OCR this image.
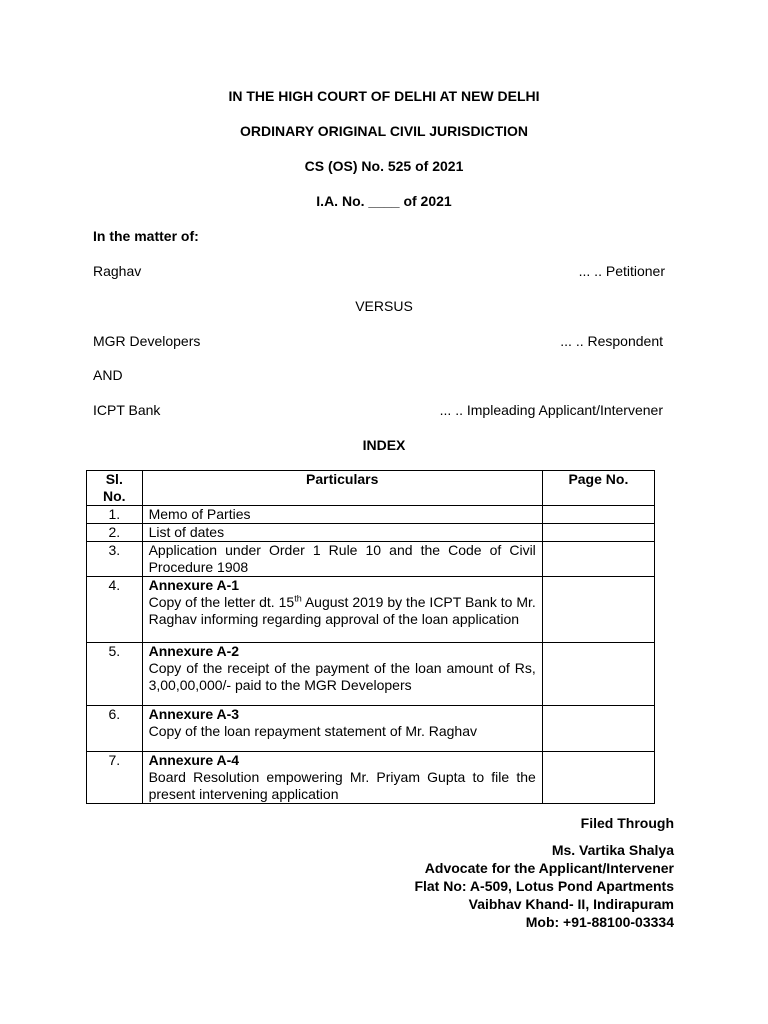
IN THE HIGH COURT OF DELHI AT NEW DELHI
ORDINARY ORIGINAL CIVIL JURISDICTION
CS (OS) No. 525 of 2021
I.A. No. ____ of 2021
In the matter of:
Raghav	... .. Petitioner
VERSUS
MGR Developers	... .. Respondent
AND
ICPT Bank	... .. Impleading Applicant/Intervener
INDEX
Sl. No.	Particulars	Page No.
1.	Memo of Parties	
2.	List of dates	
3.	Application under Order 1 Rule 10 and the Code of Civil Procedure 1908	
4.	Annexure A-1
Copy of the letter dt. 15th August 2019 by the ICPT Bank to Mr. Raghav informing regarding approval of the loan application	
5.	Annexure A-2
Copy of the receipt of the payment of the loan amount of Rs, 3,00,00,000/- paid to the MGR Developers	
6.	Annexure A-3
Copy of the loan repayment statement of Mr. Raghav	
7.	Annexure A-4
Board Resolution empowering Mr. Priyam Gupta to file the present intervening application	
Filed Through
Ms. Vartika Shalya
Advocate for the Applicant/Intervener
Flat No: A-509, Lotus Pond Apartments
Vaibhav Khand- II, Indirapuram
Mob: +91-88100-03334
